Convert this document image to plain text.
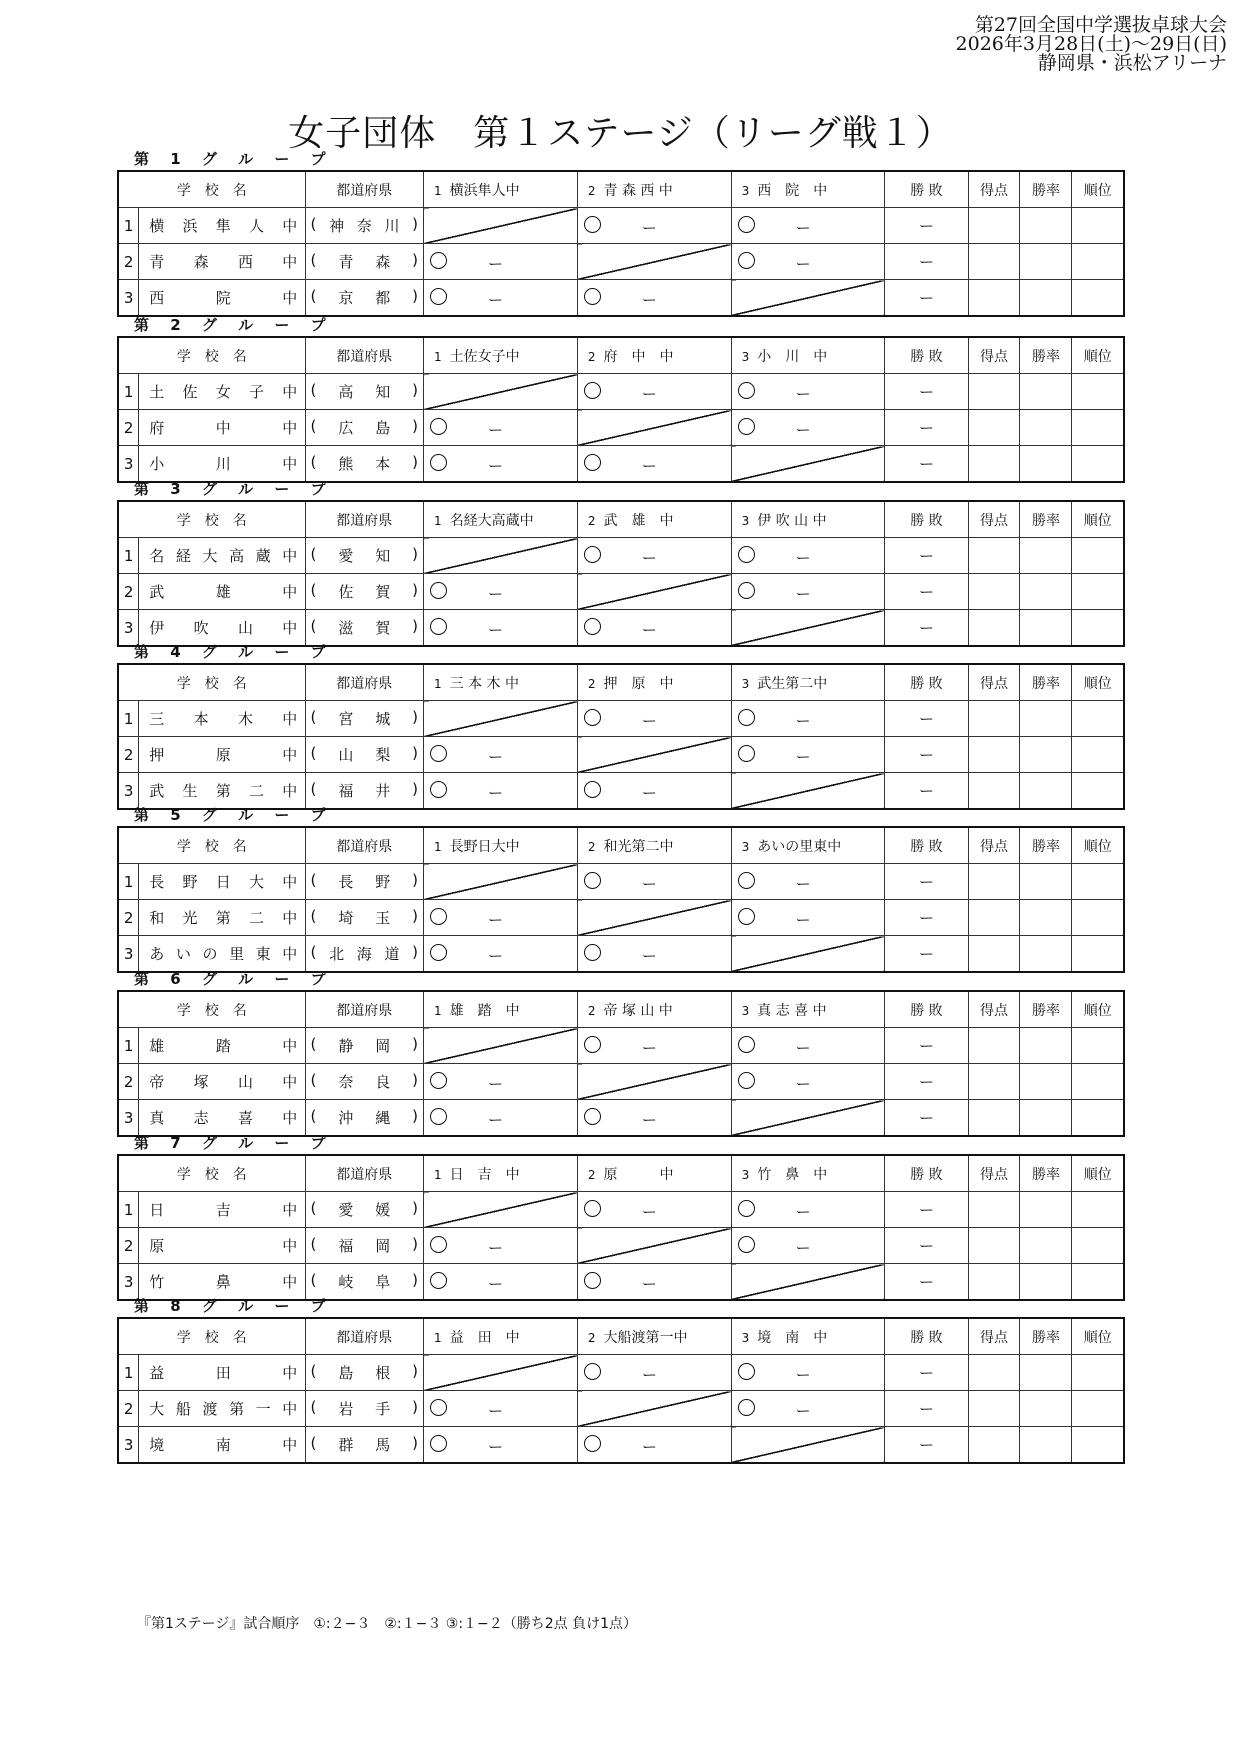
第27回全国中学選抜卓球大会
2026年3月28日(土)～29日(日)
静岡県・浜松アリーナ
女子団体　第１ステージ（リーグ戦１）
第 1 グ ル ー プ
学　校　名		都道府県	1 横浜隼人中	2 青 森 西 中	3 西　院　中	勝 敗	得点	勝率	順位
1	横浜隼人中	( 神 奈 川 )		ー	ー	ー			
2	青森西中	( 青 森 )	ー		ー	ー			
3	西院中	( 京 都 )	ー	ー		ー			
第 2 グ ル ー プ
学　校　名		都道府県	1 土佐女子中	2 府　中　中	3 小　川　中	勝 敗	得点	勝率	順位
1	土佐女子中	( 高 知 )		ー	ー	ー			
2	府中中	( 広 島 )	ー		ー	ー			
3	小川中	( 熊 本 )	ー	ー		ー			
第 3 グ ル ー プ
学　校　名		都道府県	1 名経大高蔵中	2 武　雄　中	3 伊 吹 山 中	勝 敗	得点	勝率	順位
1	名経大高蔵中	( 愛 知 )		ー	ー	ー			
2	武雄中	( 佐 賀 )	ー		ー	ー			
3	伊吹山中	( 滋 賀 )	ー	ー		ー			
第 4 グ ル ー プ
学　校　名		都道府県	1 三 本 木 中	2 押　原　中	3 武生第二中	勝 敗	得点	勝率	順位
1	三本木中	( 宮 城 )		ー	ー	ー			
2	押原中	( 山 梨 )	ー		ー	ー			
3	武生第二中	( 福 井 )	ー	ー		ー			
第 5 グ ル ー プ
学　校　名		都道府県	1 長野日大中	2 和光第二中	3 あいの里東中	勝 敗	得点	勝率	順位
1	長野日大中	( 長 野 )		ー	ー	ー			
2	和光第二中	( 埼 玉 )	ー		ー	ー			
3	あいの里東中	( 北 海 道 )	ー	ー		ー			
第 6 グ ル ー プ
学　校　名		都道府県	1 雄　踏　中	2 帝 塚 山 中	3 真 志 喜 中	勝 敗	得点	勝率	順位
1	雄踏中	( 静 岡 )		ー	ー	ー			
2	帝塚山中	( 奈 良 )	ー		ー	ー			
3	真志喜中	( 沖 縄 )	ー	ー		ー			
第 7 グ ル ー プ
学　校　名		都道府県	1 日　吉　中	2 原　　　中	3 竹　鼻　中	勝 敗	得点	勝率	順位
1	日吉中	( 愛 媛 )		ー	ー	ー			
2	原中	( 福 岡 )	ー		ー	ー			
3	竹鼻中	( 岐 阜 )	ー	ー		ー			
第 8 グ ル ー プ
学　校　名		都道府県	1 益　田　中	2 大船渡第一中	3 境　南　中	勝 敗	得点	勝率	順位
1	益田中	( 島 根 )		ー	ー	ー			
2	大船渡第一中	( 岩 手 )	ー		ー	ー			
3	境南中	( 群 馬 )	ー	ー		ー			
『第1ステージ』試合順序　①:２−３　②:１−３ ③:１−２（勝ち2点 負け1点）
